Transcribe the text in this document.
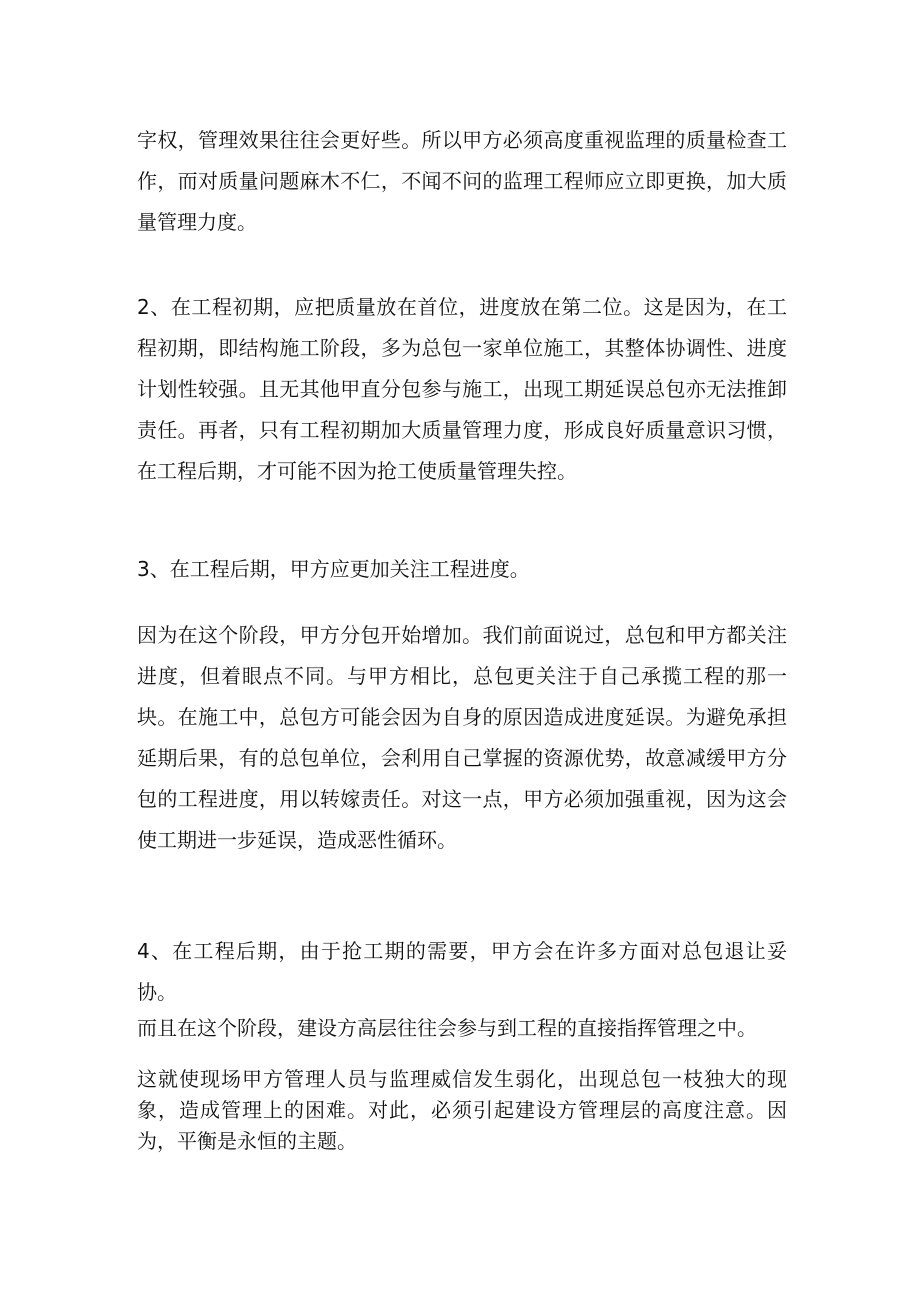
字权，管理效果往往会更好些。所以甲方必须高度重视监理的质量检查工作，而对质量问题麻木不仁，不闻不问的监理工程师应立即更换，加大质量管理力度。

2、在工程初期，应把质量放在首位，进度放在第二位。这是因为，在工程初期，即结构施工阶段，多为总包一家单位施工，其整体协调性、进度计划性较强。且无其他甲直分包参与施工，出现工期延误总包亦无法推卸责任。再者，只有工程初期加大质量管理力度，形成良好质量意识习惯，在工程后期，才可能不因为抢工使质量管理失控。

3、在工程后期，甲方应更加关注工程进度。

因为在这个阶段，甲方分包开始增加。我们前面说过，总包和甲方都关注进度，但着眼点不同。与甲方相比，总包更关注于自己承揽工程的那一块。在施工中，总包方可能会因为自身的原因造成进度延误。为避免承担延期后果，有的总包单位，会利用自己掌握的资源优势，故意减缓甲方分包的工程进度，用以转嫁责任。对这一点，甲方必须加强重视，因为这会使工期进一步延误，造成恶性循环。

4、在工程后期，由于抢工期的需要，甲方会在许多方面对总包退让妥协。

而且在这个阶段，建设方高层往往会参与到工程的直接指挥管理之中。

这就使现场甲方管理人员与监理威信发生弱化，出现总包一枝独大的现象，造成管理上的困难。对此，必须引起建设方管理层的高度注意。因为，平衡是永恒的主题。
